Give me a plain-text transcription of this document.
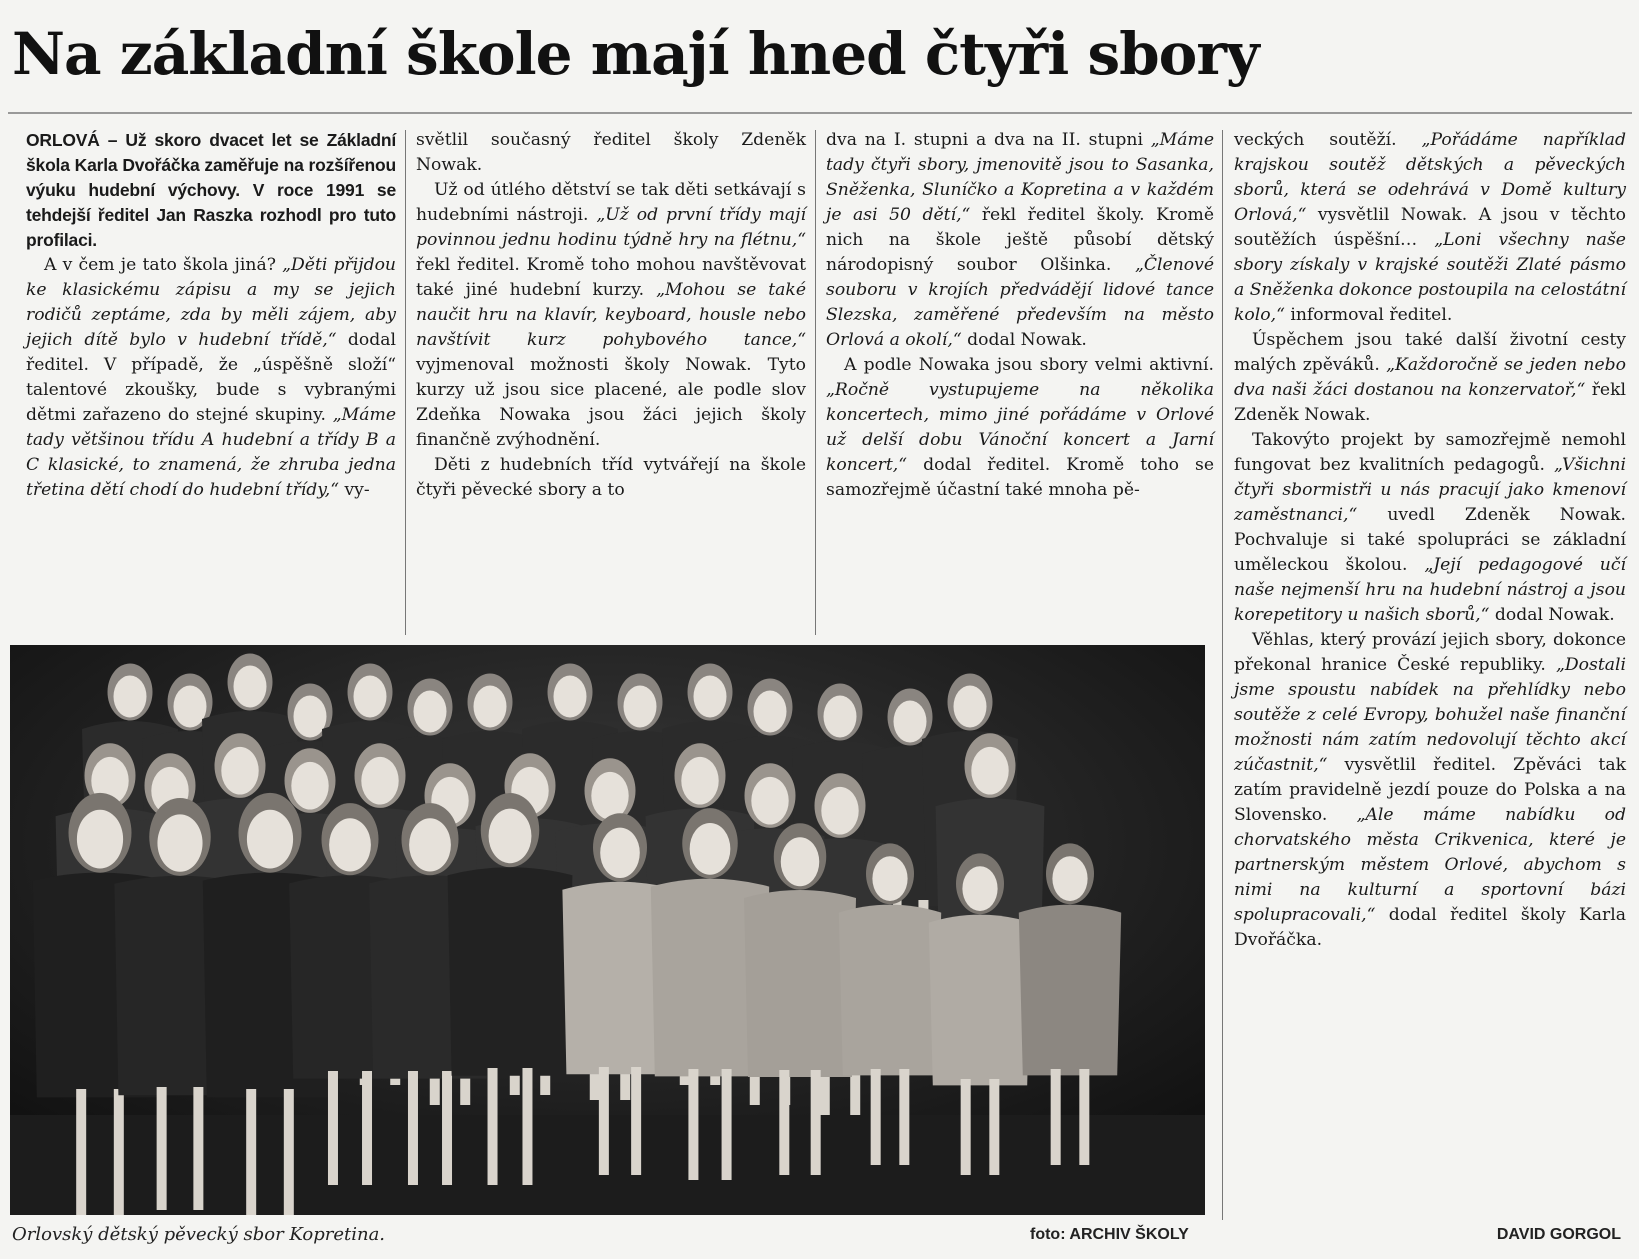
Na základní škole mají hned čtyři sbory

ORLOVÁ – Už skoro dvacet let se Základní škola Karla Dvořáčka zaměřuje na rozšířenou výuku hudební výchovy. V roce 1991 se tehdejší ředitel Jan Raszka rozhodl pro tuto profilaci.

A v čem je tato škola jiná? „Děti přijdou ke klasickému zápisu a my se jejich rodičů zeptáme, zda by měli zájem, aby jejich dítě bylo v hudební třídě,“ dodal ředitel. V případě, že „úspěšně složí“ talentové zkoušky, bude s vybranými dětmi zařazeno do stejné skupiny. „Máme tady většinou třídu A hudební a třídy B a C klasické, to znamená, že zhruba jedna třetina dětí chodí do hudební třídy,“ vy-

světlil současný ředitel školy Zdeněk Nowak.

Už od útlého dětství se tak děti setkávají s hudebními nástroji. „Už od první třídy mají povinnou jednu hodinu týdně hry na flétnu,“ řekl ředitel. Kromě toho mohou navštěvovat také jiné hudební kurzy. „Mohou se také naučit hru na klavír, keyboard, housle nebo navštívit kurz pohybového tance,“ vyjmenoval možnosti školy Nowak. Tyto kurzy už jsou sice placené, ale podle slov Zdeňka Nowaka jsou žáci jejich školy finančně zvýhodnění.

Děti z hudebních tříd vytvářejí na škole čtyři pěvecké sbory a to

dva na I. stupni a dva na II. stupni „Máme tady čtyři sbory, jmenovitě jsou to Sasanka, Sněženka, Sluníčko a Kopretina a v každém je asi 50 dětí,“ řekl ředitel školy. Kromě nich na škole ještě působí dětský národopisný soubor Olšinka. „Členové souboru v krojích předvádějí lidové tance Slezska, zaměřené především na město Orlová a okolí,“ dodal Nowak.

A podle Nowaka jsou sbory velmi aktivní. „Ročně vystupujeme na několika koncertech, mimo jiné pořádáme v Orlové už delší dobu Vánoční koncert a Jarní koncert,“ dodal ředitel. Kromě toho se samozřejmě účastní také mnoha pě-

veckých soutěží. „Pořádáme například krajskou soutěž dětských a pěveckých sborů, která se odehrává v Domě kultury Orlová,“ vysvětlil Nowak. A jsou v těchto soutěžích úspěšní… „Loni všechny naše sbory získaly v krajské soutěži Zlaté pásmo a Sněženka dokonce postoupila na celostátní kolo,“ informoval ředitel.

Úspěchem jsou také další životní cesty malých zpěváků. „Každoročně se jeden nebo dva naši žáci dostanou na konzervatoř,“ řekl Zdeněk Nowak.

Takovýto projekt by samozřejmě nemohl fungovat bez kvalitních pedagogů. „Všichni čtyři sbormistři u nás pracují jako kmenoví zaměstnanci,“ uvedl Zdeněk Nowak. Pochvaluje si také spolupráci se základní uměleckou školou. „Její pedagogové učí naše nejmenší hru na hudební nástroj a jsou korepetitory u našich sborů,“ dodal Nowak.

Věhlas, který provází jejich sbory, dokonce překonal hranice České republiky. „Dostali jsme spoustu nabídek na přehlídky nebo soutěže z celé Evropy, bohužel naše finanční možnosti nám zatím nedovolují těchto akcí zúčastnit,“ vysvětlil ředitel. Zpěváci tak zatím pravidelně jezdí pouze do Polska a na Slovensko. „Ale máme nabídku od chorvatského města Crikvenica, které je partnerským městem Orlové, abychom s nimi na kulturní a sportovní bázi spolupracovali,“ dodal ředitel školy Karla Dvořáčka.

Orlovský dětský pěvecký sbor Kopretina.	foto: ARCHIV ŠKOLY	DAVID GORGOL
